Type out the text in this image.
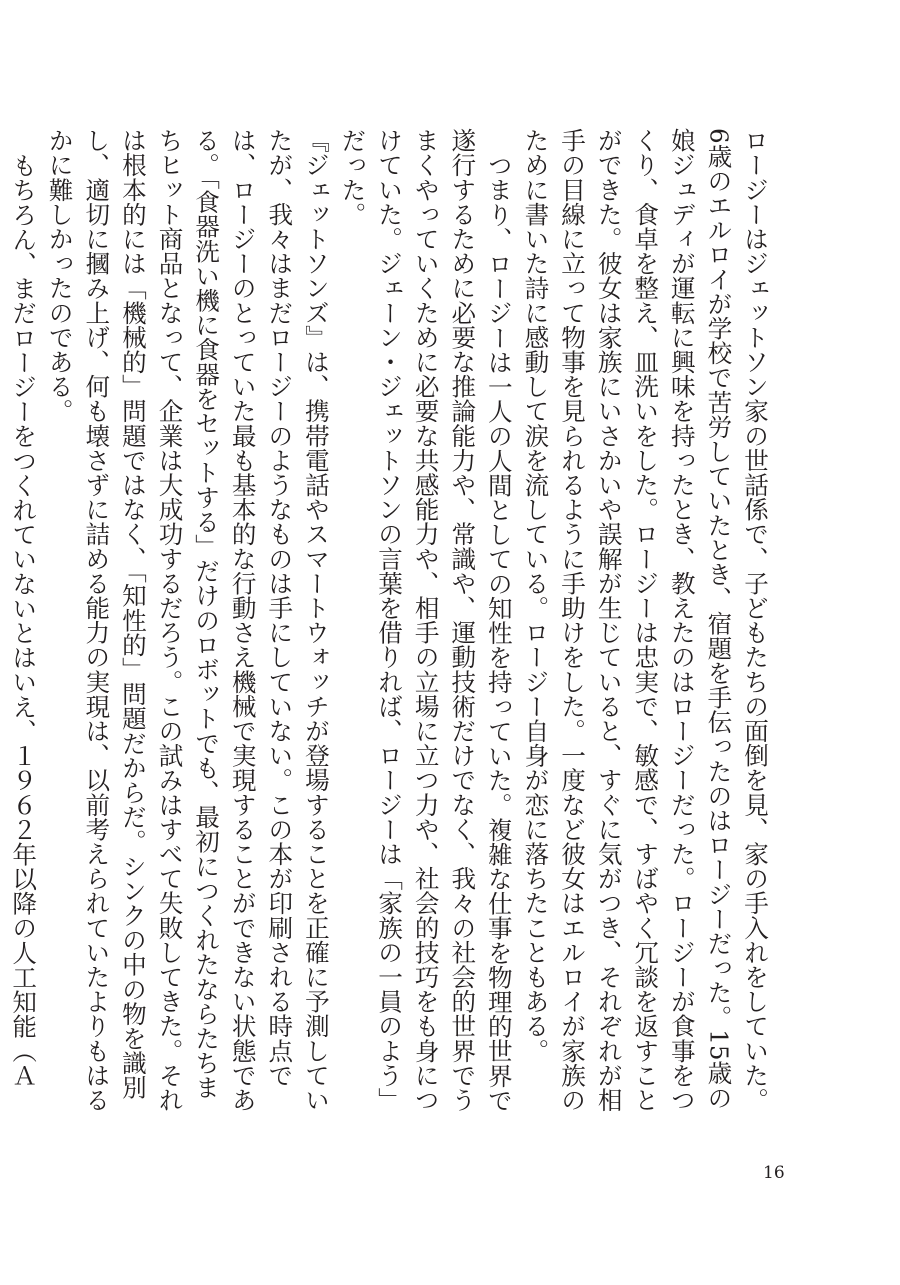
ロージーはジェットソン家の世話係で、子どもたちの面倒を見、家の手入れをしていた。6歳のエルロイが学校で苦労していたとき、宿題を手伝ったのはロージーだった。15歳の娘ジュディが運転に興味を持ったとき、教えたのはロージーだった。ロージーが食事をつくり、食卓を整え、皿洗いをした。ロージーは忠実で、敏感で、すばやく冗談を返すことができた。彼女は家族にいさかいや誤解が生じていると、すぐに気がつき、それぞれが相手の目線に立って物事を見られるように手助けをした。一度など彼女はエルロイが家族のために書いた詩に感動して涙を流している。ロージー自身が恋に落ちたこともある。

つまり、ロージーは一人の人間としての知性を持っていた。複雑な仕事を物理的世界で遂行するために必要な推論能力や、常識や、運動技術だけでなく、我々の社会的世界でうまくやっていくために必要な共感能力や、相手の立場に立つ力や、社会的技巧をも身につけていた。ジェーン・ジェットソンの言葉を借りれば、ロージーは「家族の一員のよう」だった。

『ジェットソンズ』は、携帯電話やスマートウォッチが登場することを正確に予測していたが、我々はまだロージーのようなものは手にしていない。この本が印刷される時点では、ロージーのとっていた最も基本的な行動さえ機械で実現することができない状態である。「食器洗い機に食器をセットする」だけのロボットでも、最初につくれたならたちまちヒット商品となって、企業は大成功するだろう。この試みはすべて失敗してきた。それは根本的には「機械的」問題ではなく、「知性的」問題だからだ。シンクの中の物を識別し、適切に摑み上げ、何も壊さずに詰める能力の実現は、以前考えられていたよりもはるかに難しかったのである。

もちろん、まだロージーをつくれていないとはいえ、１９６２年以降の人工知能（Ａ

16
